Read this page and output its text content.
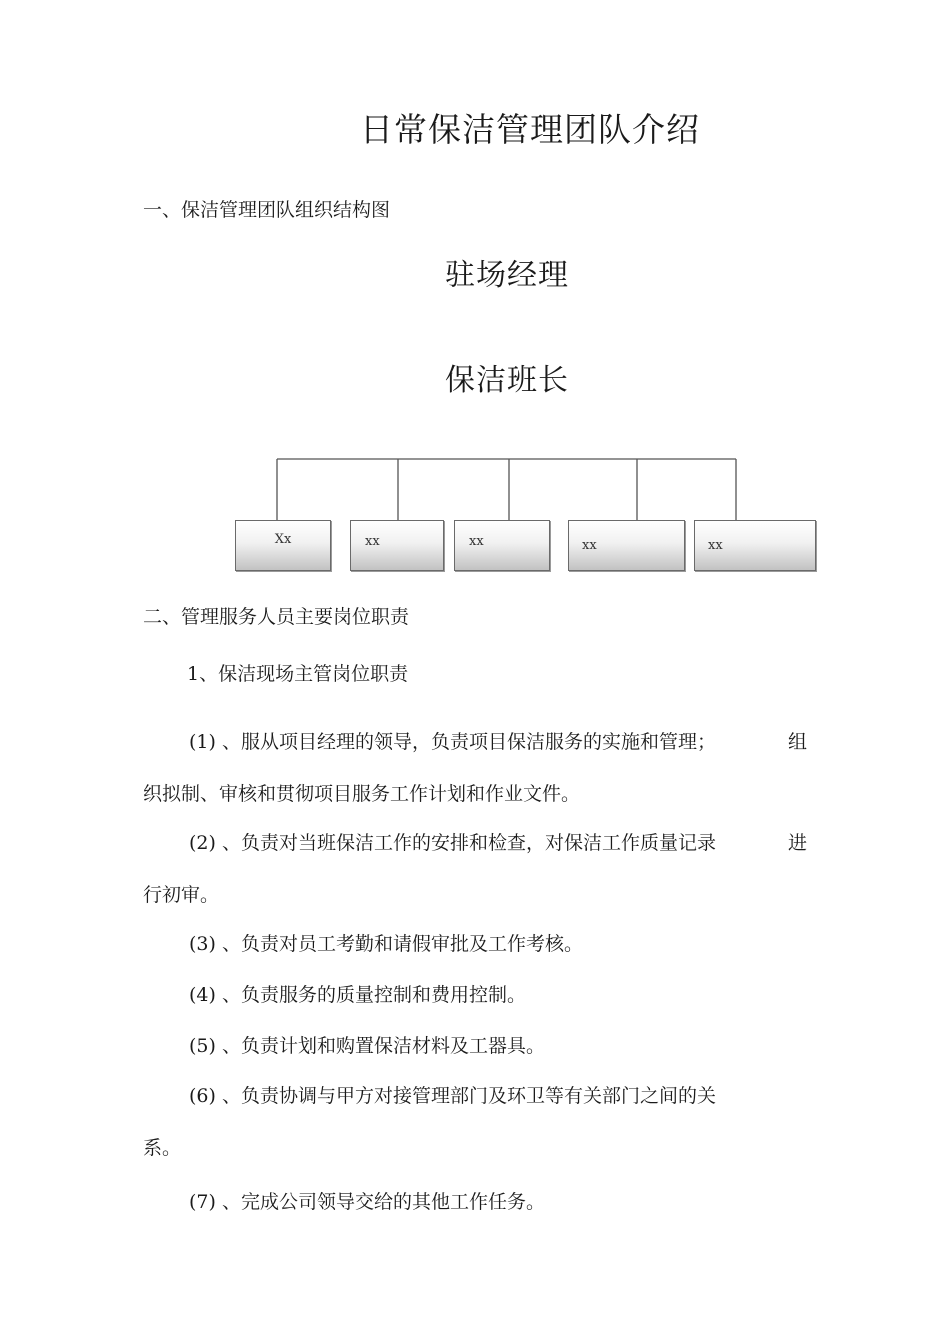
日常保洁管理团队介绍
一、保洁管理团队组织结构图
驻场经理
保洁班长
Xx	xx	xx	xx	xx
二、管理服务人员主要岗位职责
1、保洁现场主管岗位职责
(1) 、服从项目经理的领导，负责项目保洁服务的实施和管理；	组
织拟制、审核和贯彻项目服务工作计划和作业文件。
(2) 、负责对当班保洁工作的安排和检查，对保洁工作质量记录	进
行初审。
(3) 、负责对员工考勤和请假审批及工作考核。
(4) 、负责服务的质量控制和费用控制。
(5) 、负责计划和购置保洁材料及工器具。
(6) 、负责协调与甲方对接管理部门及环卫等有关部门之间的关
系。
(7) 、完成公司领导交给的其他工作任务。
